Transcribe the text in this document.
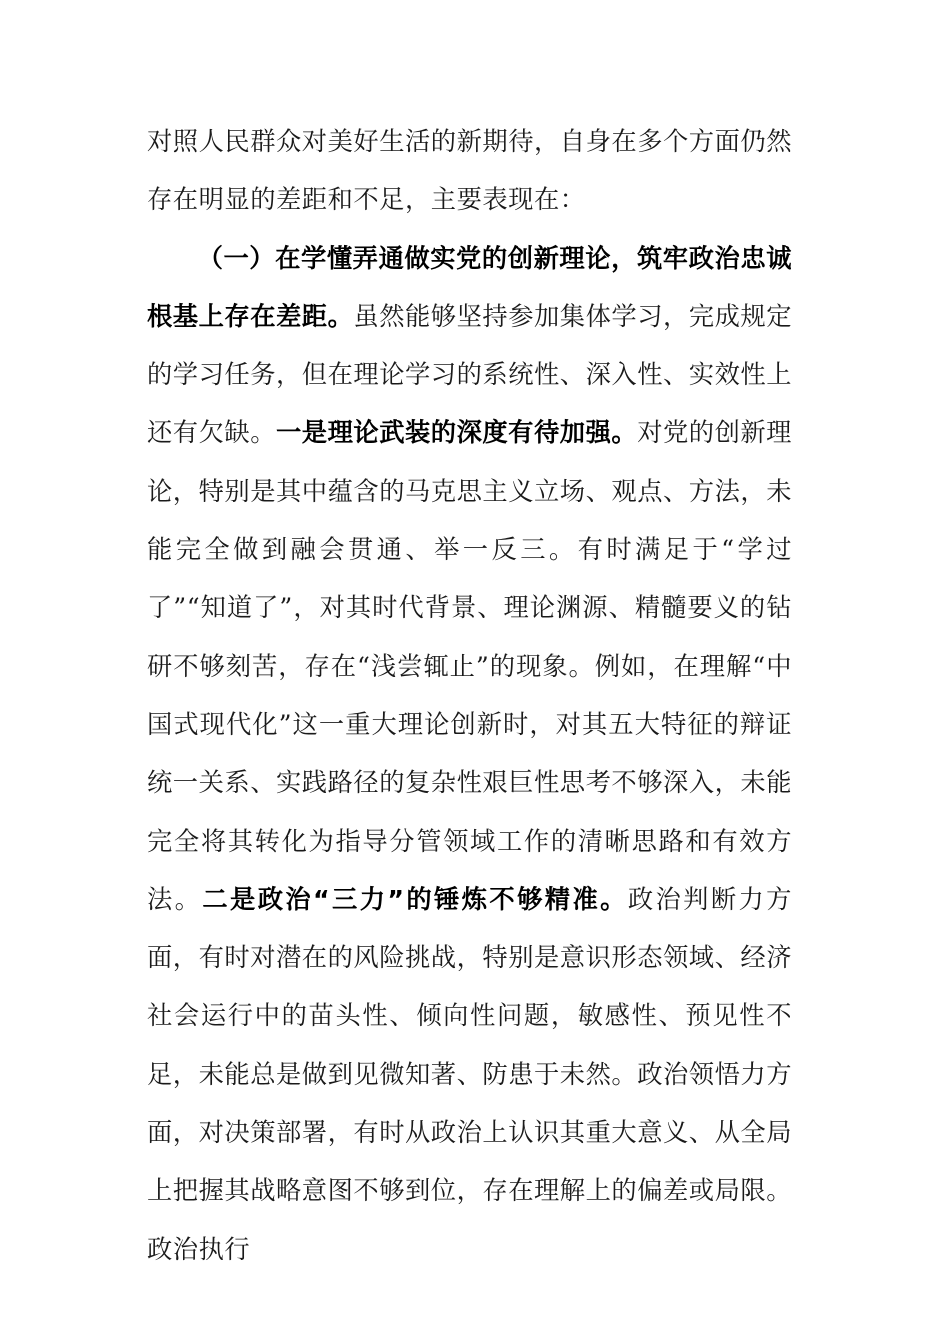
对照人民群众对美好生活的新期待，自身在多个方面仍然存在明显的差距和不足，主要表现在：

（一）在学懂弄通做实党的创新理论，筑牢政治忠诚根基上存在差距。虽然能够坚持参加集体学习，完成规定的学习任务，但在理论学习的系统性、深入性、实效性上还有欠缺。一是理论武装的深度有待加强。对党的创新理论，特别是其中蕴含的马克思主义立场、观点、方法，未能完全做到融会贯通、举一反三。有时满足于“学过了”“知道了”，对其时代背景、理论渊源、精髓要义的钻研不够刻苦，存在“浅尝辄止”的现象。例如，在理解“中国式现代化”这一重大理论创新时，对其五大特征的辩证统一关系、实践路径的复杂性艰巨性思考不够深入，未能完全将其转化为指导分管领域工作的清晰思路和有效方法。二是政治“三力”的锤炼不够精准。政治判断力方面，有时对潜在的风险挑战，特别是意识形态领域、经济社会运行中的苗头性、倾向性问题，敏感性、预见性不足，未能总是做到见微知著、防患于未然。政治领悟力方面，对决策部署，有时从政治上认识其重大意义、从全局上把握其战略意图不够到位，存在理解上的偏差或局限。政治执行
